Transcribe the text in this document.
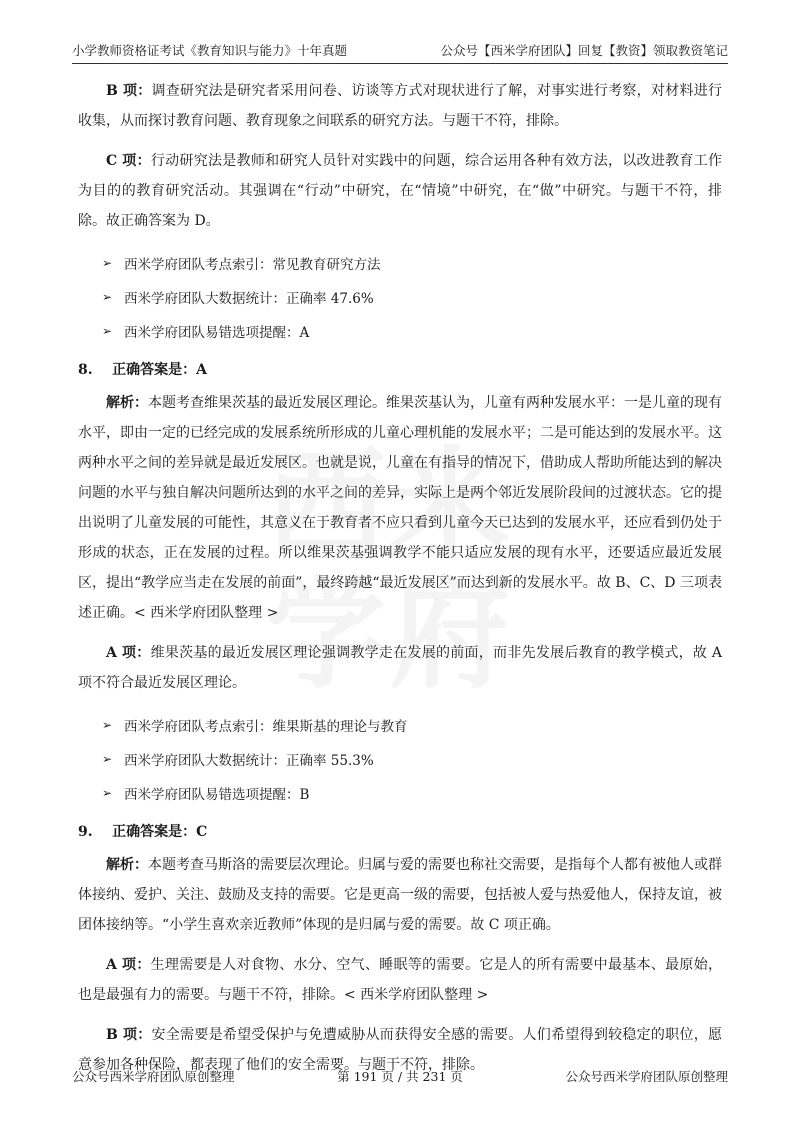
小学教师资格证考试《教育知识与能力》十年真题	公众号【西米学府团队】回复【教资】领取教资笔记

B 项：调查研究法是研究者采用问卷、访谈等方式对现状进行了解，对事实进行考察，对材料进行收集，从而探讨教育问题、教育现象之间联系的研究方法。与题干不符，排除。

C 项：行动研究法是教师和研究人员针对实践中的问题，综合运用各种有效方法，以改进教育工作为目的的教育研究活动。其强调在“行动”中研究，在“情境”中研究，在“做”中研究。与题干不符，排除。故正确答案为 D。

➢ 西米学府团队考点索引：常见教育研究方法
➢ 西米学府团队大数据统计：正确率 47.6%
➢ 西米学府团队易错选项提醒：A
8. 正确答案是：A

解析：本题考查维果茨基的最近发展区理论。维果茨基认为，儿童有两种发展水平：一是儿童的现有水平，即由一定的已经完成的发展系统所形成的儿童心理机能的发展水平；二是可能达到的发展水平。这两种水平之间的差异就是最近发展区。也就是说，儿童在有指导的情况下，借助成人帮助所能达到的解决问题的水平与独自解决问题所达到的水平之间的差异，实际上是两个邻近发展阶段间的过渡状态。它的提出说明了儿童发展的可能性，其意义在于教育者不应只看到儿童今天已达到的发展水平，还应看到仍处于形成的状态，正在发展的过程。所以维果茨基强调教学不能只适应发展的现有水平，还要适应最近发展区，提出“教学应当走在发展的前面”，最终跨越“最近发展区”而达到新的发展水平。故 B、C、D 三项表述正确。< 西米学府团队整理 >

A 项：维果茨基的最近发展区理论强调教学走在发展的前面，而非先发展后教育的教学模式，故 A 项不符合最近发展区理论。

➢ 西米学府团队考点索引：维果斯基的理论与教育
➢ 西米学府团队大数据统计：正确率 55.3%
➢ 西米学府团队易错选项提醒：B
9. 正确答案是：C

解析：本题考查马斯洛的需要层次理论。归属与爱的需要也称社交需要，是指每个人都有被他人或群体接纳、爱护、关注、鼓励及支持的需要。它是更高一级的需要，包括被人爱与热爱他人，保持友谊，被团体接纳等。“小学生喜欢亲近教师”体现的是归属与爱的需要。故 C 项正确。

A 项：生理需要是人对食物、水分、空气、睡眠等的需要。它是人的所有需要中最基本、最原始，也是最强有力的需要。与题干不符，排除。< 西米学府团队整理 >

B 项：安全需要是希望受保护与免遭威胁从而获得安全感的需要。人们希望得到较稳定的职位，愿意参加各种保险，都表现了他们的安全需要。与题干不符，排除。

公众号西米学府团队原创整理	第 191 页 / 共 231 页	公众号西米学府团队原创整理
